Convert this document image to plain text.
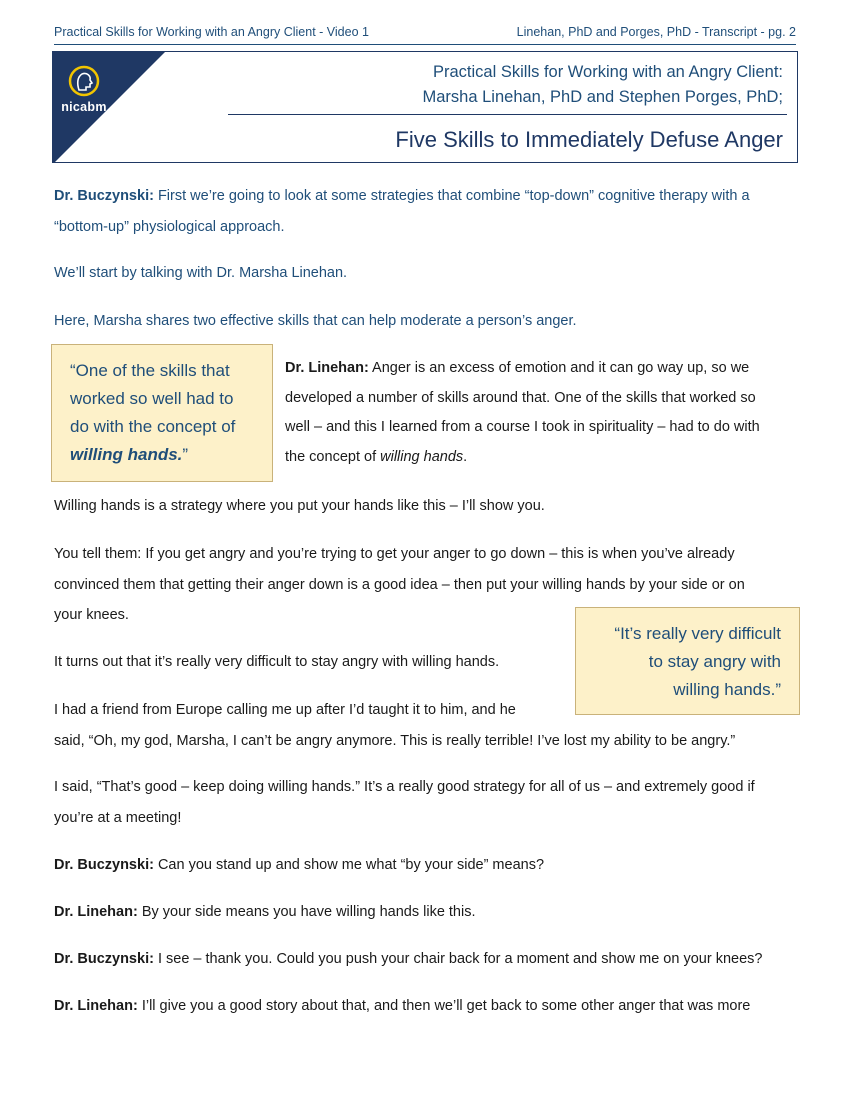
Practical Skills for Working with an Angry Client - Video 1	Linehan, PhD and Porges, PhD - Transcript - pg. 2
nicabm
Practical Skills for Working with an Angry Client:
Marsha Linehan, PhD and Stephen Porges, PhD;
Five Skills to Immediately Defuse Anger
Dr. Buczynski: First we’re going to look at some strategies that combine “top-down” cognitive therapy with a
“bottom-up” physiological approach.
We’ll start by talking with Dr. Marsha Linehan.
Here, Marsha shares two effective skills that can help moderate a person’s anger.
“One of the skills that
worked so well had to
do with the concept of
willing hands.”
Dr. Linehan: Anger is an excess of emotion and it can go way up, so we
developed a number of skills around that. One of the skills that worked so
well – and this I learned from a course I took in spirituality – had to do with
the concept of willing hands.
Willing hands is a strategy where you put your hands like this – I’ll show you.
You tell them: If you get angry and you’re trying to get your anger to go down – this is when you’ve already
convinced them that getting their anger down is a good idea – then put your willing hands by your side or on
your knees.
“It’s really very difficult
to stay angry with
willing hands.”
It turns out that it’s really very difficult to stay angry with willing hands.
I had a friend from Europe calling me up after I’d taught it to him, and he
said, “Oh, my god, Marsha, I can’t be angry anymore. This is really terrible! I’ve lost my ability to be angry.”
I said, “That’s good – keep doing willing hands.” It’s a really good strategy for all of us – and extremely good if
you’re at a meeting!
Dr. Buczynski: Can you stand up and show me what “by your side” means?
Dr. Linehan: By your side means you have willing hands like this.
Dr. Buczynski: I see – thank you. Could you push your chair back for a moment and show me on your knees?
Dr. Linehan: I’ll give you a good story about that, and then we’ll get back to some other anger that was more
